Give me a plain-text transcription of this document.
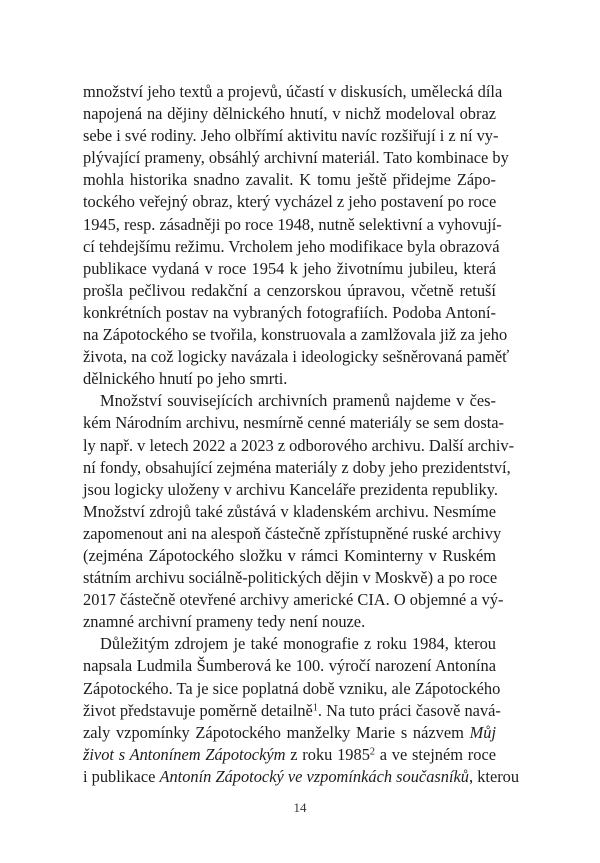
množství jeho textů a projevů, účastí v diskusích, umělecká díla
napojená na dějiny dělnického hnutí, v nichž modeloval obraz
sebe i své rodiny. Jeho olbřímí aktivitu navíc rozšiřují i z ní vy-
plývající prameny, obsáhlý archivní materiál. Tato kombinace by
mohla historika snadno zavalit. K tomu ještě přidejme Zápo-
tockého veřejný obraz, který vycházel z jeho postavení po roce
1945, resp. zásadněji po roce 1948, nutně selektivní a vyhovují-
cí tehdejšímu režimu. Vrcholem jeho modifikace byla obrazová
publikace vydaná v roce 1954 k jeho životnímu jubileu, která
prošla pečlivou redakční a cenzorskou úpravou, včetně retuší
konkrétních postav na vybraných fotografiích. Podoba Antoní-
na Zápotockého se tvořila, konstruovala a zamlžovala již za jeho
života, na což logicky navázala i ideologicky sešněrovaná paměť
dělnického hnutí po jeho smrti.
Množství souvisejících archivních pramenů najdeme v čes-
kém Národním archivu, nesmírně cenné materiály se sem dosta-
ly např. v letech 2022 a 2023 z odborového archivu. Další archiv-
ní fondy, obsahující zejména materiály z doby jeho prezidentství,
jsou logicky uloženy v archivu Kanceláře prezidenta republiky.
Množství zdrojů také zůstává v kladenském archivu. Nesmíme
zapomenout ani na alespoň částečně zpřístupněné ruské archivy
(zejména Zápotockého složku v rámci Kominterny v Ruském
státním archivu sociálně-politických dějin v Moskvě) a po roce
2017 částečně otevřené archivy americké CIA. O objemné a vý-
znamné archivní prameny tedy není nouze.
Důležitým zdrojem je také monografie z roku 1984, kterou
napsala Ludmila Šumberová ke 100. výročí narození Antonína
Zápotockého. Ta je sice poplatná době vzniku, ale Zápotockého
život představuje poměrně detailně$^1$. Na tuto práci časově navá-
zaly vzpomínky Zápotockého manželky Marie s názvem Můj
život s Antonínem Zápotockým z roku 1985$^2$ a ve stejném roce
i publikace Antonín Zápotocký ve vzpomínkách současníků, kterou
14
